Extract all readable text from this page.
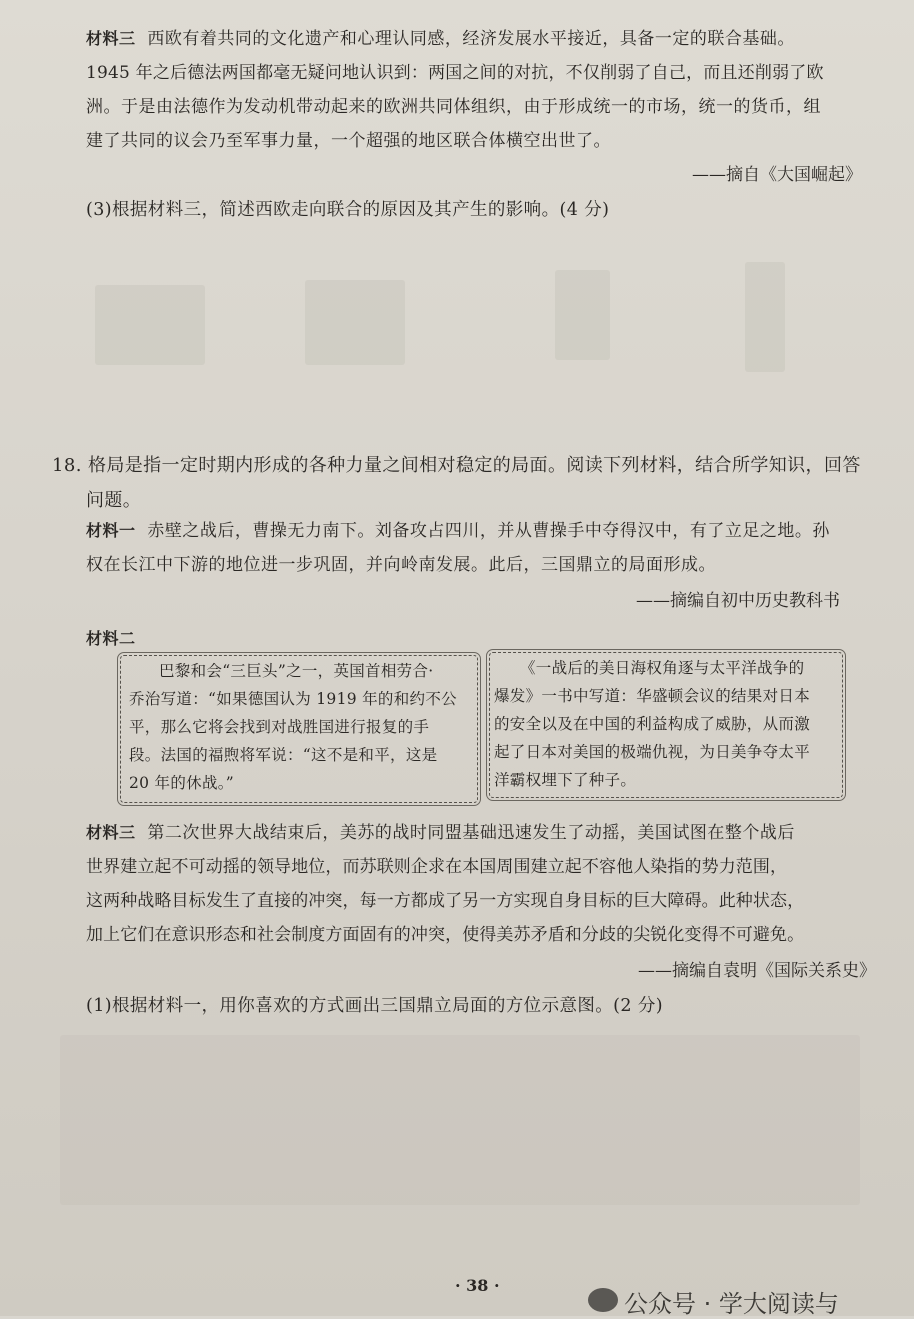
材料三 西欧有着共同的文化遗产和心理认同感，经济发展水平接近，具备一定的联合基础。
1945 年之后德法两国都毫无疑问地认识到：两国之间的对抗，不仅削弱了自己，而且还削弱了欧
洲。于是由法德作为发动机带动起来的欧洲共同体组织，由于形成统一的市场，统一的货币，组
建了共同的议会乃至军事力量，一个超强的地区联合体横空出世了。
——摘自《大国崛起》
(3)根据材料三，简述西欧走向联合的原因及其产生的影响。(4 分)
18. 格局是指一定时期内形成的各种力量之间相对稳定的局面。阅读下列材料，结合所学知识，回答
问题。
材料一 赤壁之战后，曹操无力南下。刘备攻占四川，并从曹操手中夺得汉中，有了立足之地。孙
权在长江中下游的地位进一步巩固，并向岭南发展。此后，三国鼎立的局面形成。
——摘编自初中历史教科书
材料二
巴黎和会“三巨头”之一，英国首相劳合·
乔治写道：“如果德国认为 1919 年的和约不公
平，那么它将会找到对战胜国进行报复的手
段。法国的福煦将军说：“这不是和平，这是
20 年的休战。”
《一战后的美日海权角逐与太平洋战争的
爆发》一书中写道：华盛顿会议的结果对日本
的安全以及在中国的利益构成了威胁，从而激
起了日本对美国的极端仇视，为日美争夺太平
洋霸权埋下了种子。
材料三 第二次世界大战结束后，美苏的战时同盟基础迅速发生了动摇，美国试图在整个战后
世界建立起不可动摇的领导地位，而苏联则企求在本国周围建立起不容他人染指的势力范围，
这两种战略目标发生了直接的冲突，每一方都成了另一方实现自身目标的巨大障碍。此种状态，
加上它们在意识形态和社会制度方面固有的冲突，使得美苏矛盾和分歧的尖锐化变得不可避免。
——摘编自袁明《国际关系史》
(1)根据材料一，用你喜欢的方式画出三国鼎立局面的方位示意图。(2 分)
· 38 ·
公众号 · 学大阅读与
